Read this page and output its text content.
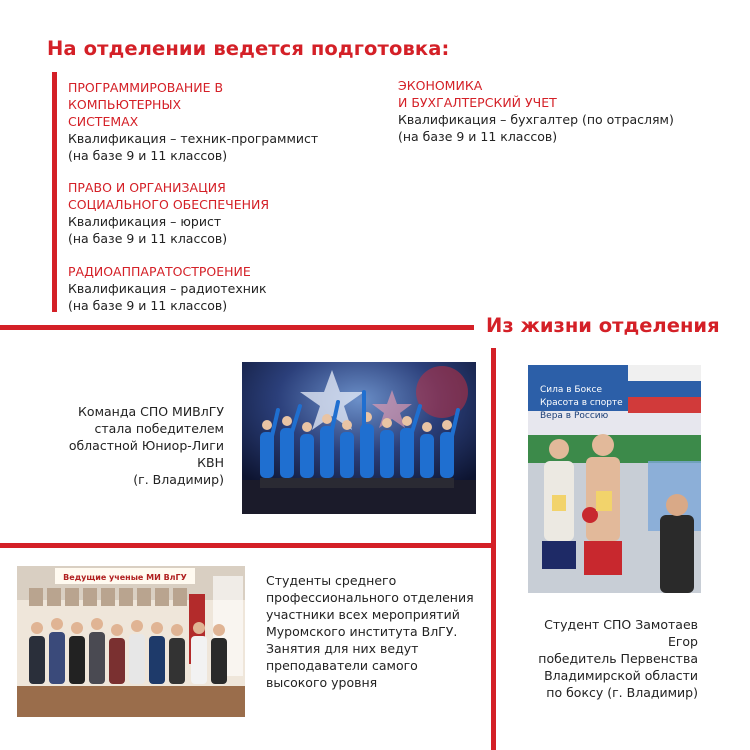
На отделении ведется подготовка:
ПРОГРАММИРОВАНИЕ В
КОМПЬЮТЕРНЫХ
СИСТЕМАХ
Квалификация – техник-программист
(на базе 9 и 11 классов)
ЭКОНОМИКА
И БУХГАЛТЕРСКИЙ УЧЕТ
Квалификация – бухгалтер (по отраслям)
(на базе 9 и 11 классов)
ПРАВО И ОРГАНИЗАЦИЯ
СОЦИАЛЬНОГО ОБЕСПЕЧЕНИЯ
Квалификация – юрист
(на базе 9 и 11 классов)
РАДИОАППАРАТОСТРОЕНИЕ
Квалификация – радиотехник
(на базе 9 и 11 классов)
Из жизни отделения
Команда СПО МИВлГУ
стала победителем
областной Юниор-Лиги КВН
(г. Владимир)
Сила в Боксе
Красота в спорте
Вера в Россию
Ведущие ученые МИ ВлГУ	Студенты среднего
профессионального отделения
участники всех мероприятий
Муромского института ВлГУ.
Занятия для них ведут
преподаватели самого
высокого уровня
Студент СПО Замотаев Егор
победитель Первенства
Владимирской области
по боксу (г. Владимир)
